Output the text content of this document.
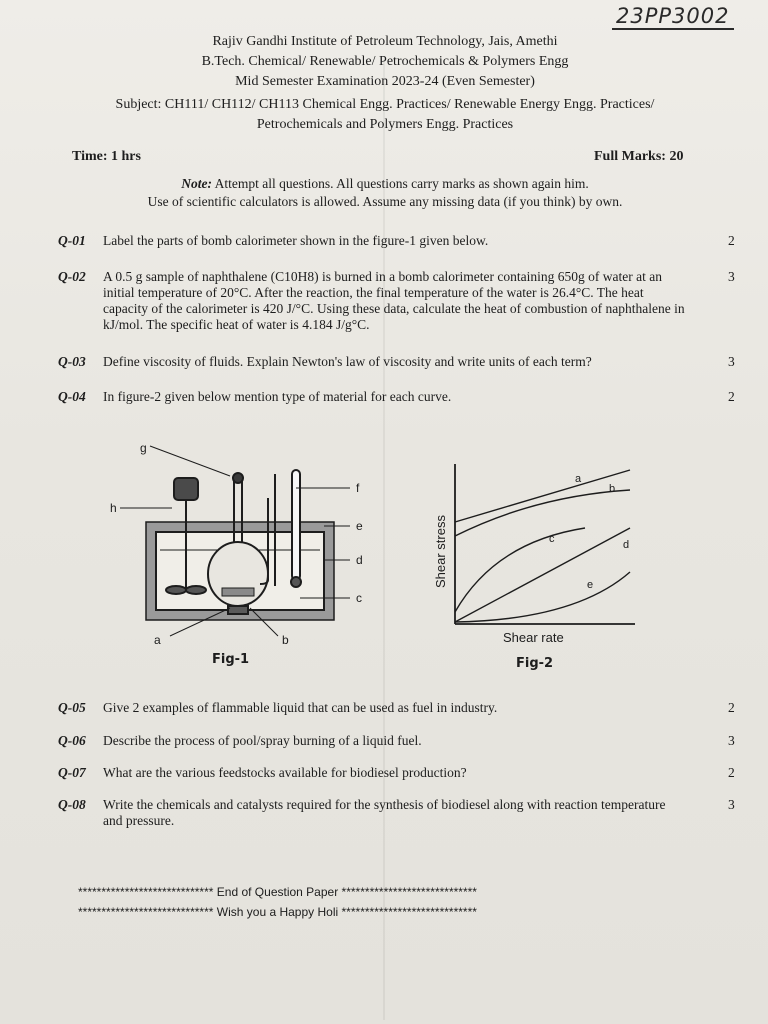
23PP3002
Rajiv Gandhi Institute of Petroleum Technology, Jais, Amethi
B.Tech. Chemical/ Renewable/ Petrochemicals & Polymers Engg
Mid Semester Examination 2023-24 (Even Semester)
Subject: CH111/ CH112/ CH113 Chemical Engg. Practices/ Renewable Energy Engg. Practices/
Petrochemicals and Polymers Engg. Practices
Time: 1 hrs	Full Marks: 20
Note: Attempt all questions. All questions carry marks as shown again him.
Use of scientific calculators is allowed. Assume any missing data (if you think) by own.
Q-01 Label the parts of bomb calorimeter shown in the figure-1 given below.	2
Q-02 A 0.5 g sample of naphthalene (C10H8) is burned in a bomb calorimeter containing 650g of water at an initial temperature of 20°C. After the reaction, the final temperature of the water is 26.4°C. The heat capacity of the calorimeter is 420 J/°C. Using these data, calculate the heat of combustion of naphthalene in kJ/mol. The specific heat of water is 4.184 J/g°C.
3
Q-03 Define viscosity of fluids. Explain Newton's law of viscosity and write units of each term?	3
Q-04 In figure-2 given below mention type of material for each curve.	2
g
h
f
e
d
c
a	b
Fig-1
a
b
c	d
e
Shear rate
Shear stress
Fig-2
Q-05 Give 2 examples of flammable liquid that can be used as fuel in industry.	2
Q-06 Describe the process of pool/spray burning of a liquid fuel.	3
Q-07 What are the various feedstocks available for biodiesel production?	2
Q-08 Write the chemicals and catalysts required for the synthesis of biodiesel along with reaction temperature and pressure.
3
***************************** End of Question Paper *****************************
***************************** Wish you a Happy Holi *****************************
